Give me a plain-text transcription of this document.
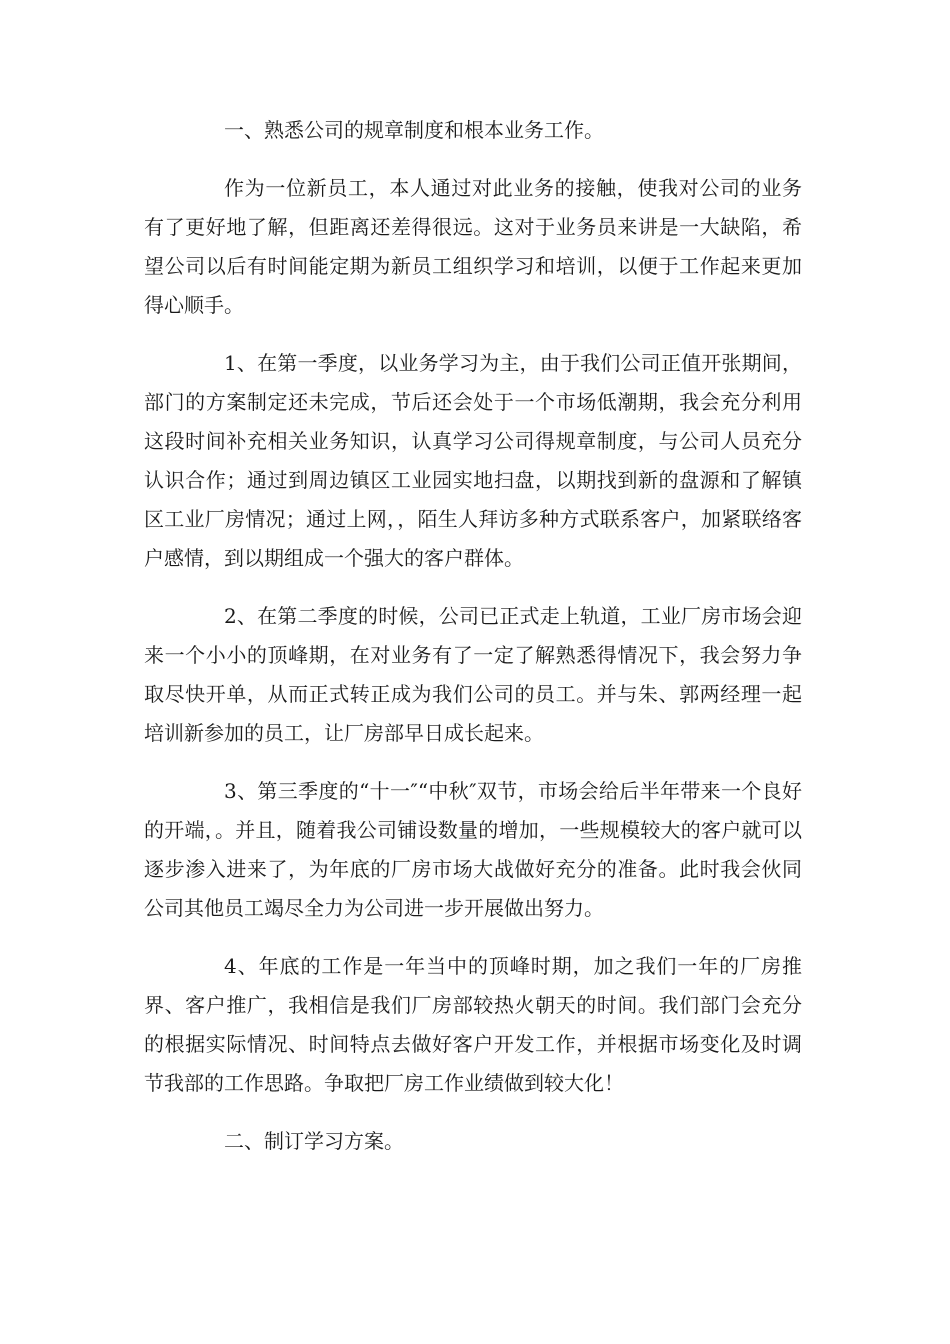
一、熟悉公司的规章制度和根本业务工作。

作为一位新员工，本人通过对此业务的接触，使我对公司的业务有了更好地了解，但距离还差得很远。这对于业务员来讲是一大缺陷，希望公司以后有时间能定期为新员工组织学习和培训，以便于工作起来更加得心顺手。

1、在第一季度，以业务学习为主，由于我们公司正值开张期间，部门的方案制定还未完成，节后还会处于一个市场低潮期，我会充分利用这段时间补充相关业务知识，认真学习公司得规章制度，与公司人员充分认识合作；通过到周边镇区工业园实地扫盘，以期找到新的盘源和了解镇区工业厂房情况；通过上网，，陌生人拜访多种方式联系客户，加紧联络客户感情，到以期组成一个强大的客户群体。

2、在第二季度的时候，公司已正式走上轨道，工业厂房市场会迎来一个小小的顶峰期，在对业务有了一定了解熟悉得情况下，我会努力争取尽快开单，从而正式转正成为我们公司的员工。并与朱、郭两经理一起培训新参加的员工，让厂房部早日成长起来。

3、第三季度的“十一″“中秋″双节，市场会给后半年带来一个良好的开端，。并且，随着我公司铺设数量的增加，一些规模较大的客户就可以逐步渗入进来了，为年底的厂房市场大战做好充分的准备。此时我会伙同公司其他员工竭尽全力为公司进一步开展做出努力。

4、年底的工作是一年当中的顶峰时期，加之我们一年的厂房推界、客户推广，我相信是我们厂房部较热火朝天的时间。我们部门会充分的根据实际情况、时间特点去做好客户开发工作，并根据市场变化及时调节我部的工作思路。争取把厂房工作业绩做到较大化！

二、制订学习方案。
